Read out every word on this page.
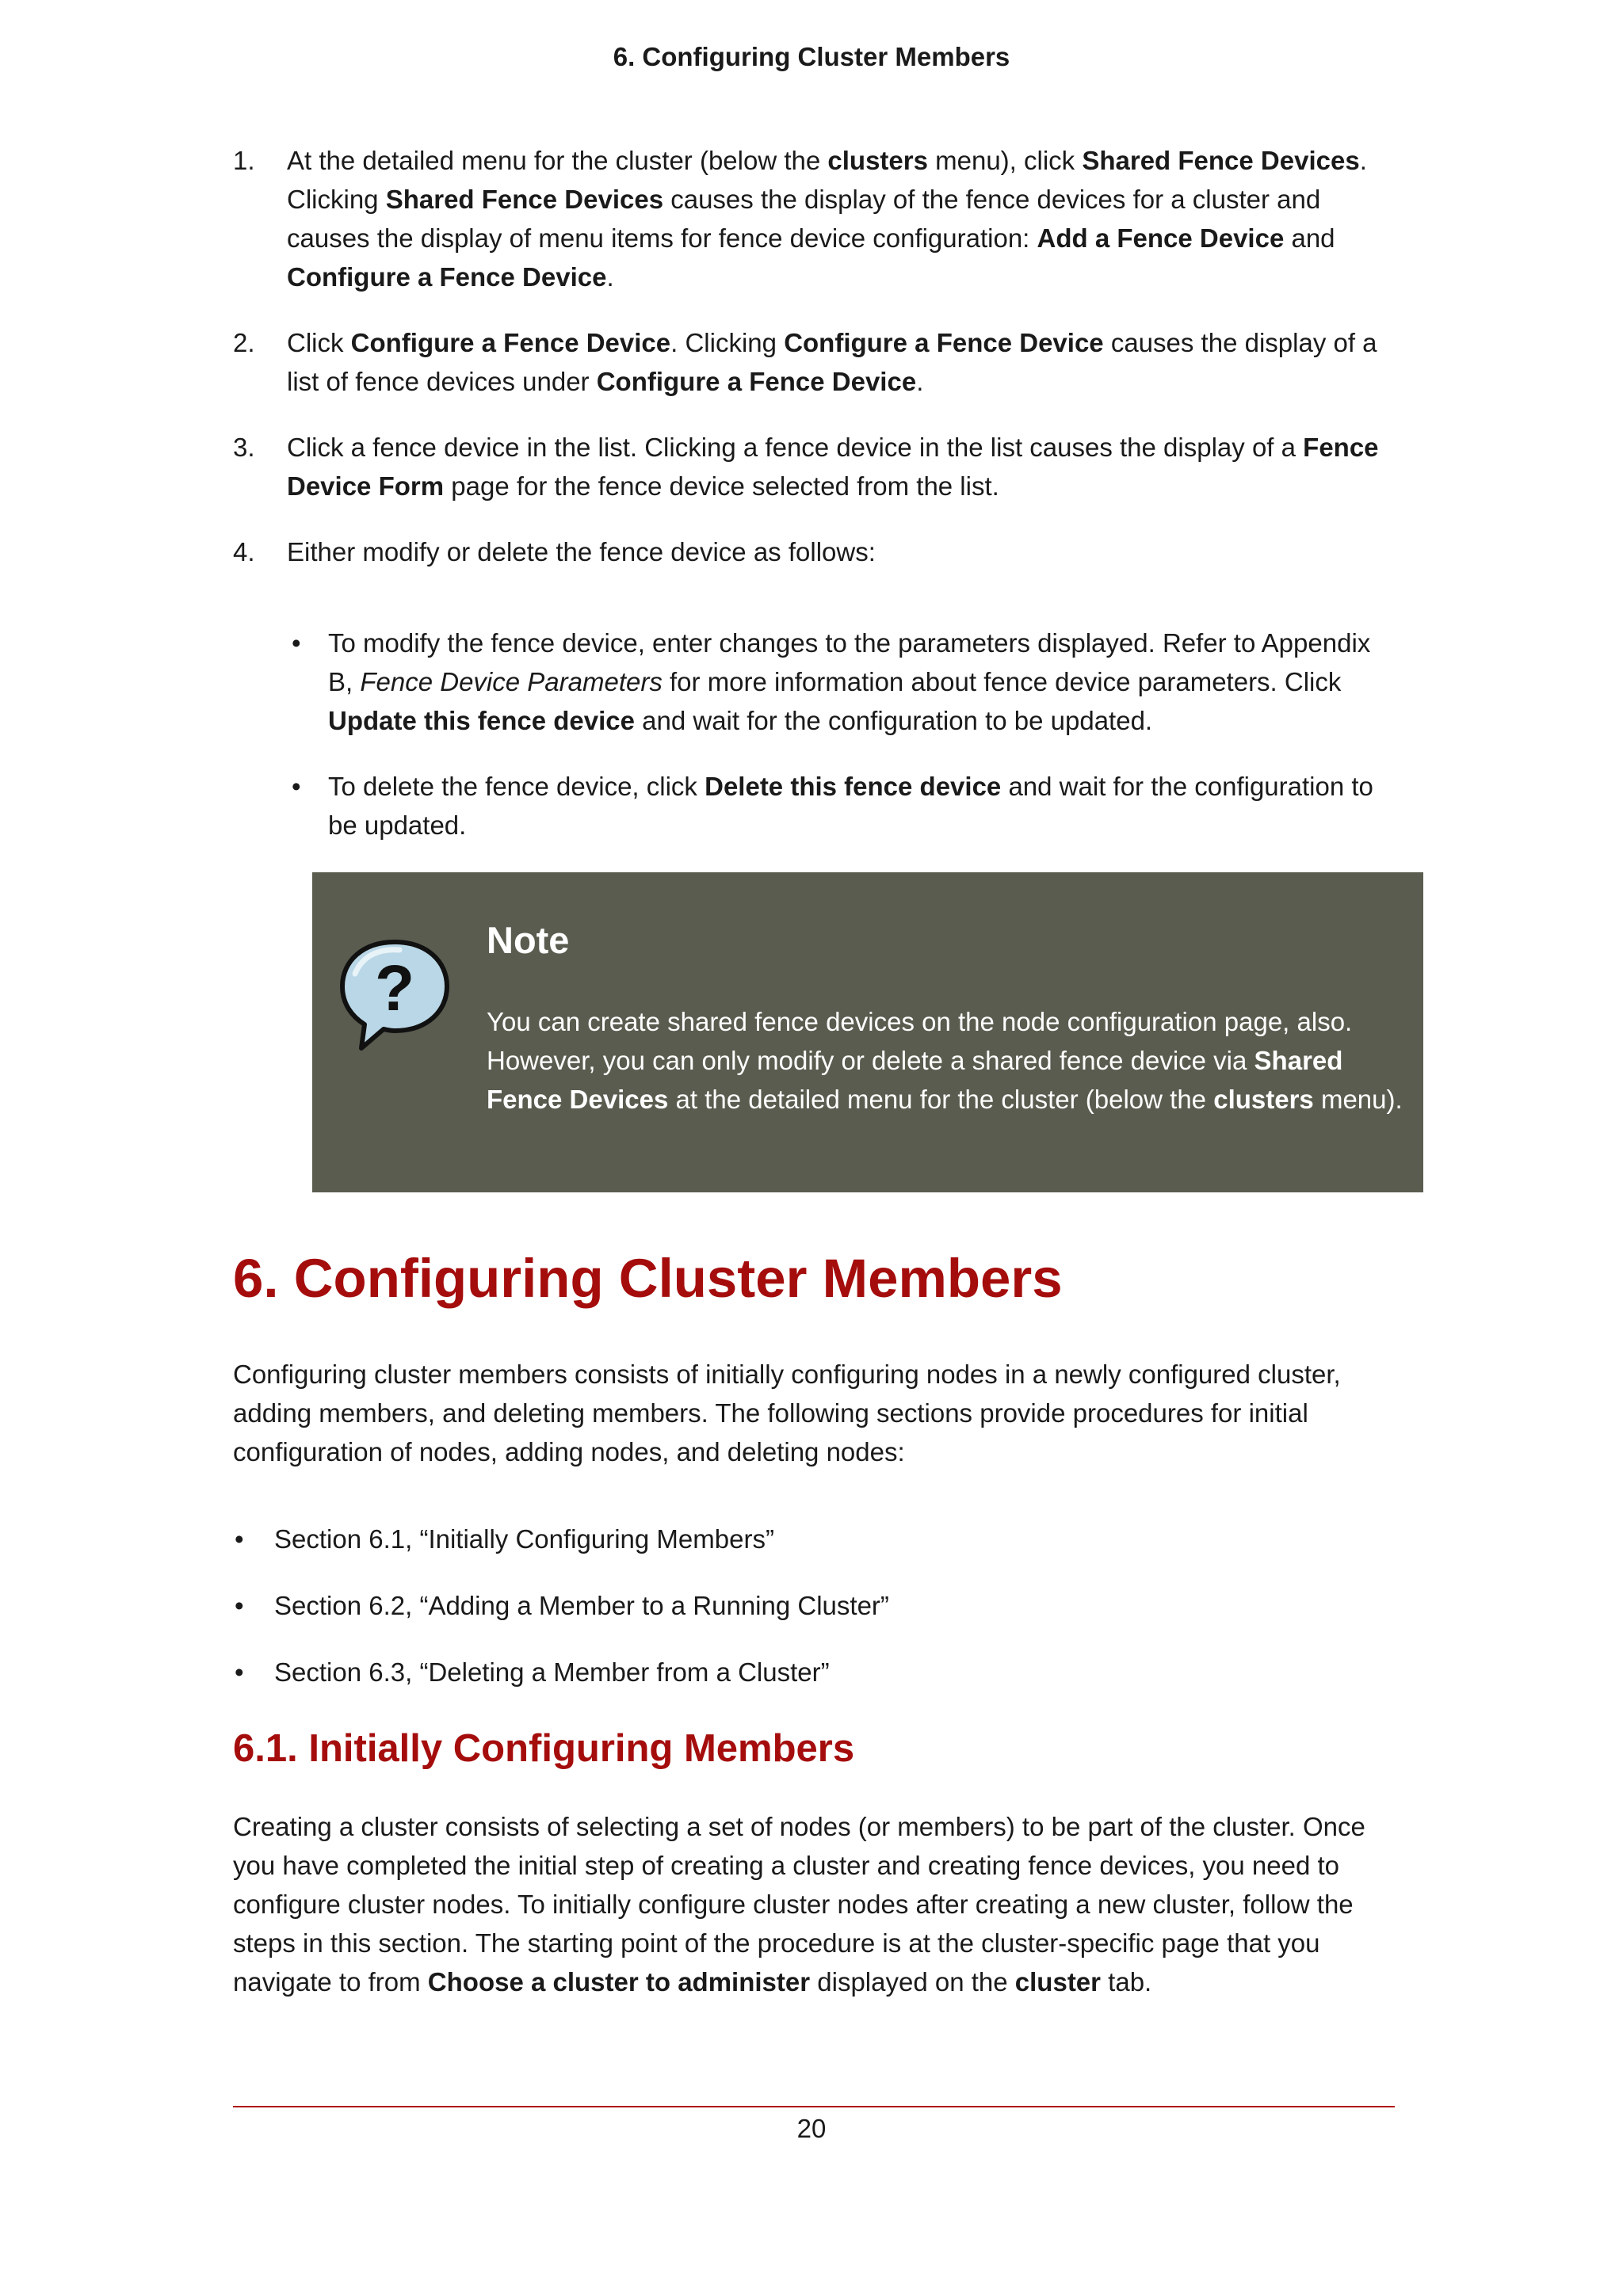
6. Configuring Cluster Members
1.	At the detailed menu for the cluster (below the clusters menu), click Shared Fence Devices. Clicking Shared Fence Devices causes the display of the fence devices for a cluster and causes the display of menu items for fence device configuration: Add a Fence Device and Configure a Fence Device.
2.	Click Configure a Fence Device. Clicking Configure a Fence Device causes the display of a list of fence devices under Configure a Fence Device.
3.	Click a fence device in the list. Clicking a fence device in the list causes the display of a Fence Device Form page for the fence device selected from the list.
4.	Either modify or delete the fence device as follows:
•	To modify the fence device, enter changes to the parameters displayed. Refer to Appendix B, Fence Device Parameters for more information about fence device parameters. Click Update this fence device and wait for the configuration to be updated.
•	To delete the fence device, click Delete this fence device and wait for the configuration to be updated.
?
Note
You can create shared fence devices on the node configuration page, also. However, you can only modify or delete a shared fence device via Shared Fence Devices at the detailed menu for the cluster (below the clusters menu).
6. Configuring Cluster Members
Configuring cluster members consists of initially configuring nodes in a newly configured cluster, adding members, and deleting members. The following sections provide procedures for initial configuration of nodes, adding nodes, and deleting nodes:
•	Section 6.1, “Initially Configuring Members”
•	Section 6.2, “Adding a Member to a Running Cluster”
•	Section 6.3, “Deleting a Member from a Cluster”
6.1. Initially Configuring Members
Creating a cluster consists of selecting a set of nodes (or members) to be part of the cluster. Once you have completed the initial step of creating a cluster and creating fence devices, you need to configure cluster nodes. To initially configure cluster nodes after creating a new cluster, follow the steps in this section. The starting point of the procedure is at the cluster-specific page that you navigate to from Choose a cluster to administer displayed on the cluster tab.
20
